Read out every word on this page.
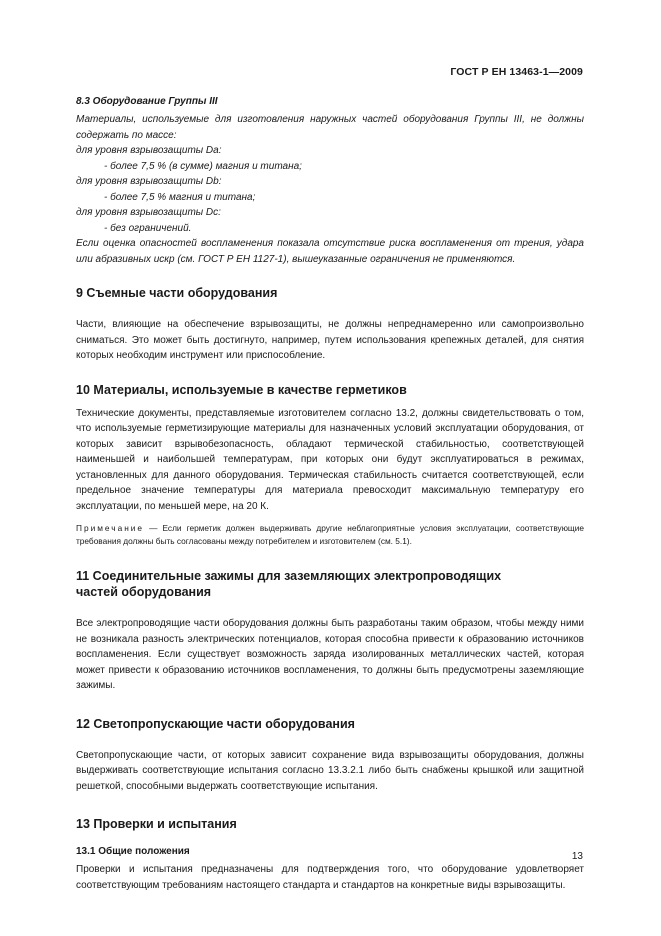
ГОСТ Р ЕН 13463-1—2009

8.3 Оборудование Группы III

Материалы, используемые для изготовления наружных частей оборудования Группы III, не должны содержать по массе:

для уровня взрывозащиты Da:

- более 7,5 % (в сумме) магния и титана;

для уровня взрывозащиты Db:

- более 7,5 % магния и титана;

для уровня взрывозащиты Dc:

- без ограничений.

Если оценка опасностей воспламенения показала отсутствие риска воспламенения от трения, удара или абразивных искр (см. ГОСТ Р ЕН 1127-1), вышеуказанные ограничения не применяются.

9 Съемные части оборудования

Части, влияющие на обеспечение взрывозащиты, не должны непреднамеренно или самопроизвольно сниматься. Это может быть достигнуто, например, путем использования крепежных деталей, для снятия которых необходим инструмент или приспособление.

10 Материалы, используемые в качестве герметиков

Технические документы, представляемые изготовителем согласно 13.2, должны свидетельствовать о том, что используемые герметизирующие материалы для назначенных условий эксплуатации оборудования, от которых зависит взрывобезопасность, обладают термической стабильностью, соответствующей наименьшей и наибольшей температурам, при которых они будут эксплуатироваться в режимах, установленных для данного оборудования. Термическая стабильность считается соответствующей, если предельное значение температуры для материала превосходит максимальную температуру его эксплуатации, по меньшей мере, на 20 К.

Примечание — Если герметик должен выдерживать другие неблагоприятные условия эксплуатации, соответствующие требования должны быть согласованы между потребителем и изготовителем (см. 5.1).

11 Соединительные зажимы для заземляющих электропроводящих

частей оборудования

Все электропроводящие части оборудования должны быть разработаны таким образом, чтобы между ними не возникала разность электрических потенциалов, которая способна привести к образованию источников воспламенения. Если существует возможность заряда изолированных металлических частей, которая может привести к образованию источников воспламенения, то должны быть предусмотрены заземляющие зажимы.

12 Светопропускающие части оборудования

Светопропускающие части, от которых зависит сохранение вида взрывозащиты оборудования, должны выдерживать соответствующие испытания согласно 13.3.2.1 либо быть снабжены крышкой или защитной решеткой, способными выдержать соответствующие испытания.

13 Проверки и испытания

13.1 Общие положения

Проверки и испытания предназначены для подтверждения того, что оборудование удовлетворяет соответствующим требованиям настоящего стандарта и стандартов на конкретные виды взрывозащиты.

13
